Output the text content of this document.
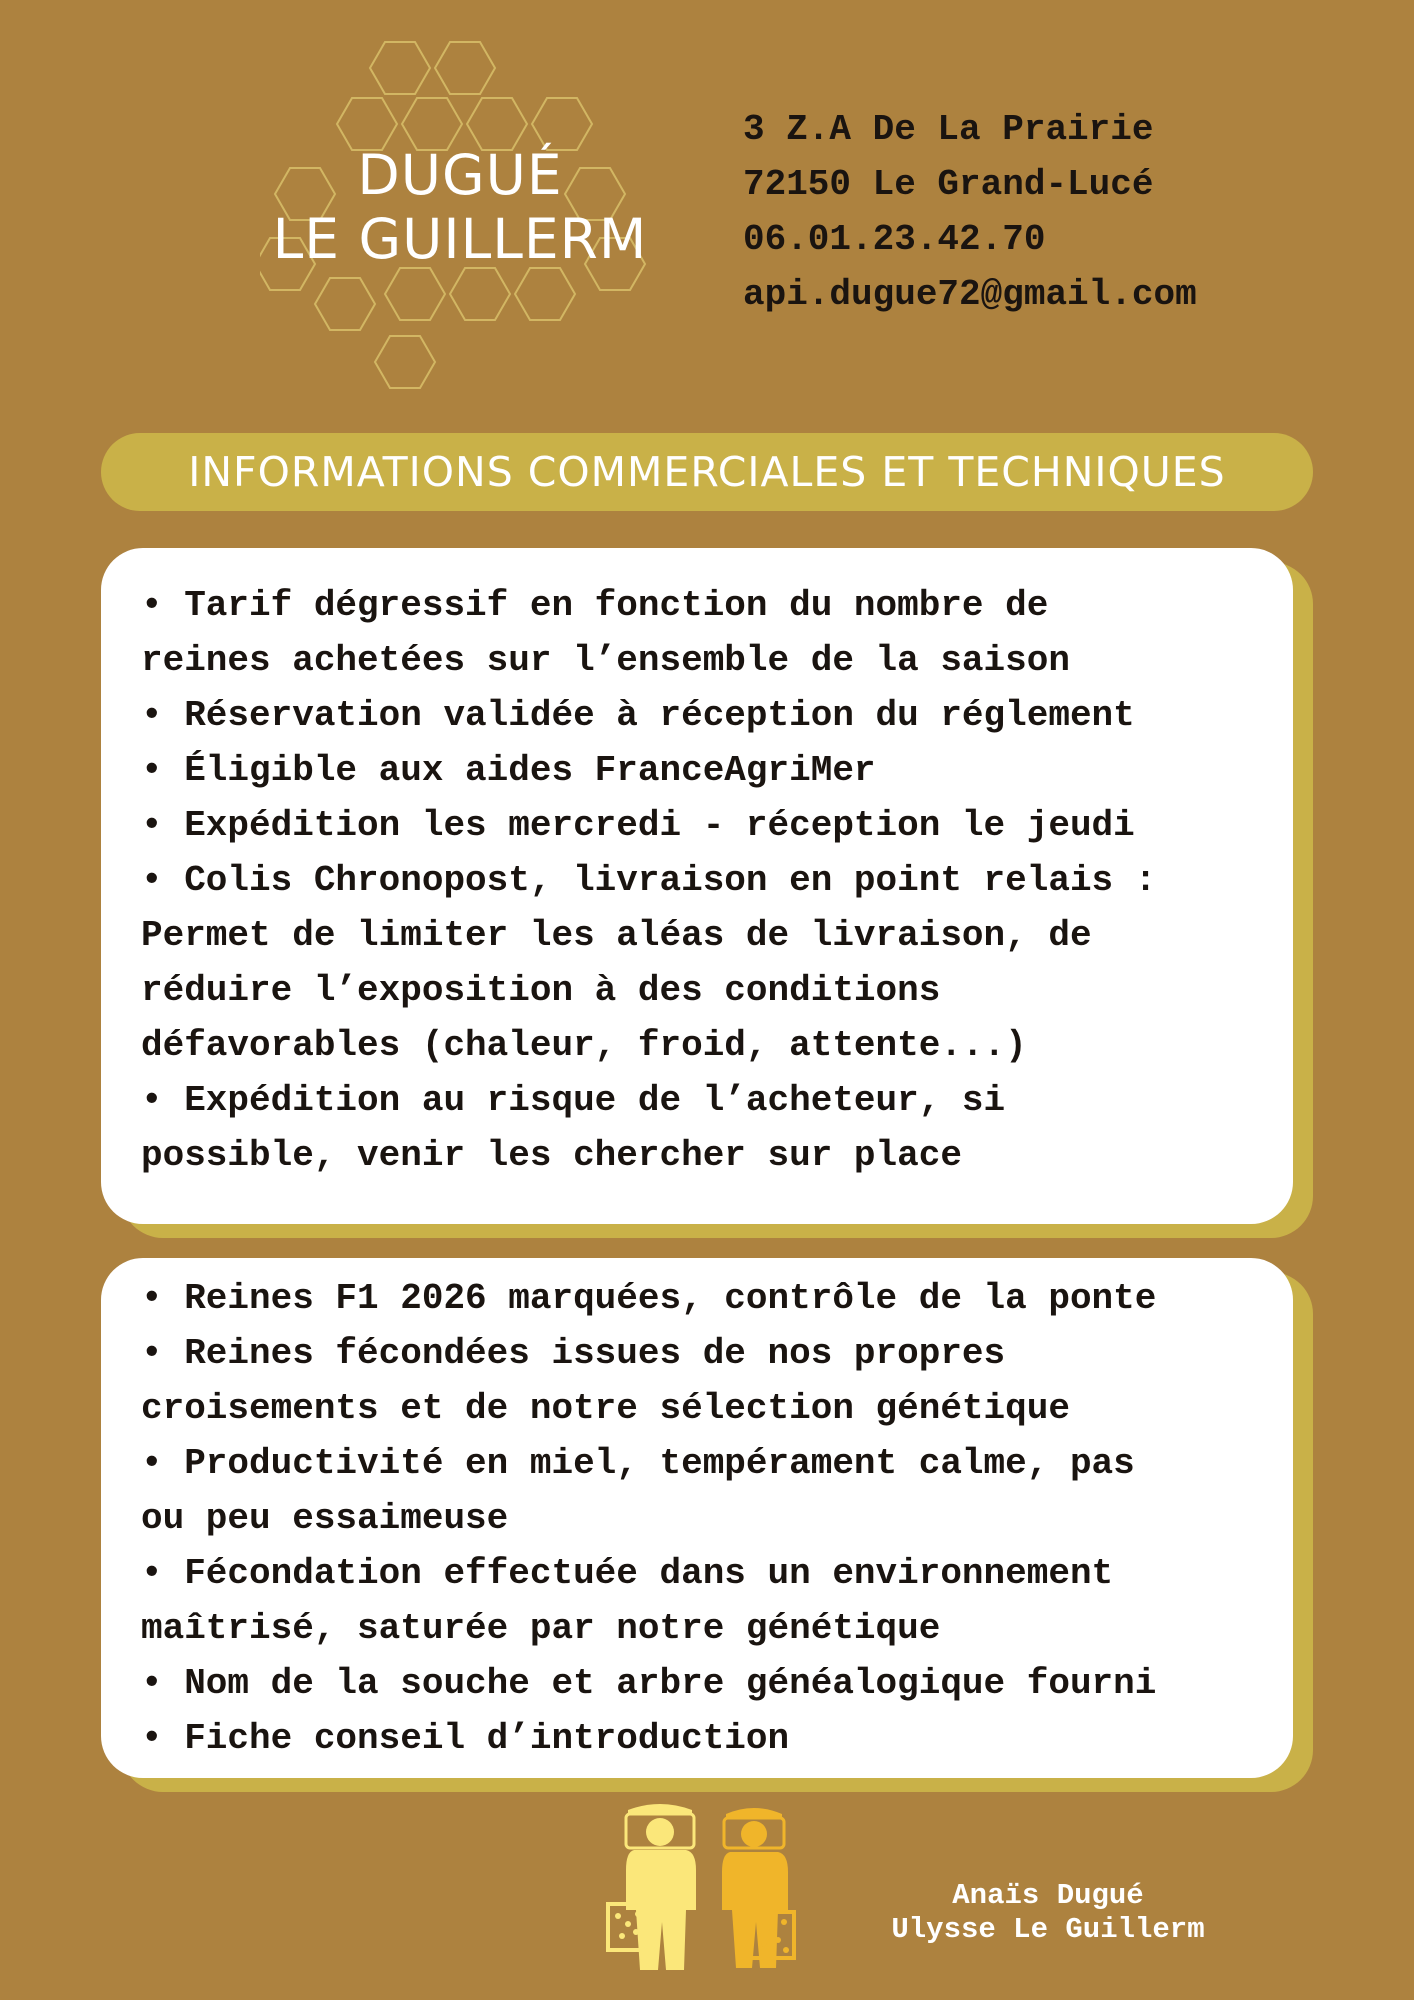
DUGUÉ
LE GUILLERM
3 Z.A De La Prairie
72150 Le Grand-Lucé
06.01.23.42.70
api.dugue72@gmail.com
INFORMATIONS COMMERCIALES ET TECHNIQUES

• Tarif dégressif en fonction du nombre de

reines achetées sur l’ensemble de la saison

• Réservation validée à réception du réglement

• Éligible aux aides FranceAgriMer

• Expédition les mercredi - réception le jeudi

• Colis Chronopost, livraison en point relais :

Permet de limiter les aléas de livraison, de

réduire l’exposition à des conditions

défavorables (chaleur, froid, attente...)

• Expédition au risque de l’acheteur, si

possible, venir les chercher sur place

• Reines F1 2026 marquées, contrôle de la ponte

• Reines fécondées issues de nos propres

croisements et de notre sélection génétique

• Productivité en miel, tempérament calme, pas

ou peu essaimeuse

• Fécondation effectuée dans un environnement

maîtrisé, saturée par notre génétique

• Nom de la souche et arbre généalogique fourni

• Fiche conseil d’introduction

Anaïs Dugué
Ulysse Le Guillerm
